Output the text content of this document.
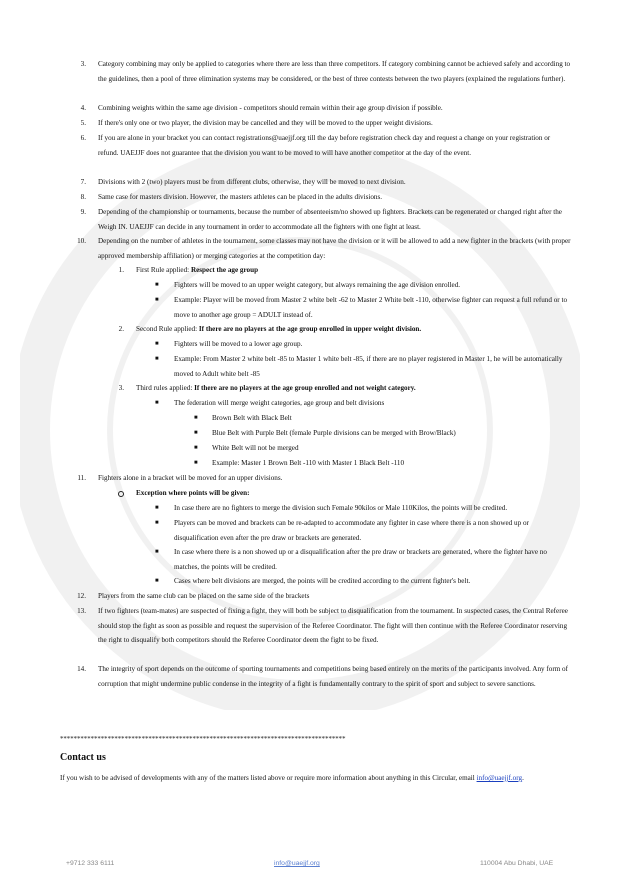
3. Category combining may only be applied to categories where there are less than three competitors. If category combining cannot be achieved safely and according to the guidelines, then a pool of three elimination systems may be considered, or the best of three contests between the two players (explained the regulations further).
4. Combining weights within the same age division - competitors should remain within their age group division if possible.
5. If there's only one or two player, the division may be cancelled and they will be moved to the upper weight divisions.
6. If you are alone in your bracket you can contact registrations@uaejjf.org till the day before registration check day and request a change on your registration or refund. UAEJJF does not guarantee that the division you want to be moved to will have another competitor at the day of the event.
7. Divisions with 2 (two) players must be from different clubs, otherwise, they will be moved to next division.
8. Same case for masters division. However, the masters athletes can be placed in the adults divisions.
9. Depending of the championship or tournaments, because the number of absenteeism/no showed up fighters. Brackets can be regenerated or changed right after the Weigh IN. UAEJJF can decide in any tournament in order to accommodate all the fighters with one fight at least.
10. Depending on the number of athletes in the tournament, some classes may not have the division or it will be allowed to add a new fighter in the brackets (with proper approved membership affiliation) or merging categories at the competition day:
1. First Rule applied: Respect the age group
■ Fighters will be moved to an upper weight category, but always remaining the age division enrolled.
■ Example: Player will be moved from Master 2 white belt -62 to Master 2 White belt -110, otherwise fighter can request a full refund or to move to another age group = ADULT instead of.
2. Second Rule applied: If there are no players at the age group enrolled in upper weight division.
■ Fighters will be moved to a lower age group.
■ Example: From Master 2 white belt -85 to Master 1 white belt -85, if there are no player registered in Master 1, he will be automatically moved to Adult white belt -85
3. Third rules applied: If there are no players at the age group enrolled and not weight category.
■ The federation will merge weight categories, age group and belt divisions
■ Brown Belt with Black Belt
■ Blue Belt with Purple Belt (female Purple divisions can be merged with Brow/Black)
■ White Belt will not be merged
■ Example: Master 1 Brown Belt -110 with Master 1 Black Belt -110
11. Fighters alone in a bracket will be moved for an upper divisions.
Exception where points will be given:
■ In case there are no fighters to merge the division such Female 90kilos or Male 110Kilos, the points will be credited.
■ Players can be moved and brackets can be re-adapted to accommodate any fighter in case where there is a non showed up or disqualification even after the pre draw or brackets are generated.
■ In case where there is a non showed up or a disqualification after the pre draw or brackets are generated, where the fighter have no matches, the points will be credited.
■ Cases where belt divisions are merged, the points will be credited according to the current fighter's belt.
12. Players from the same club can be placed on the same side of the brackets
13. If two fighters (team-mates) are suspected of fixing a fight, they will both be subject to disqualification from the tournament. In suspected cases, the Central Referee should stop the fight as soon as possible and request the supervision of the Referee Coordinator. The fight will then continue with the Referee Coordinator reserving the right to disqualify both competitors should the Referee Coordinator deem the fight to be fixed.
14. The integrity of sport depends on the outcome of sporting tournaments and competitions being based entirely on the merits of the participants involved. Any form of corruption that might undermine public condense in the integrity of a fight is fundamentally contrary to the spirit of sport and subject to severe sanctions.
************************************************************************************
Contact us
If you wish to be advised of developments with any of the matters listed above or require more information about anything in this Circular, email info@uaejjf.org.
+9712 333 6111	info@uaejjf.org	110004 Abu Dhabi, UAE
